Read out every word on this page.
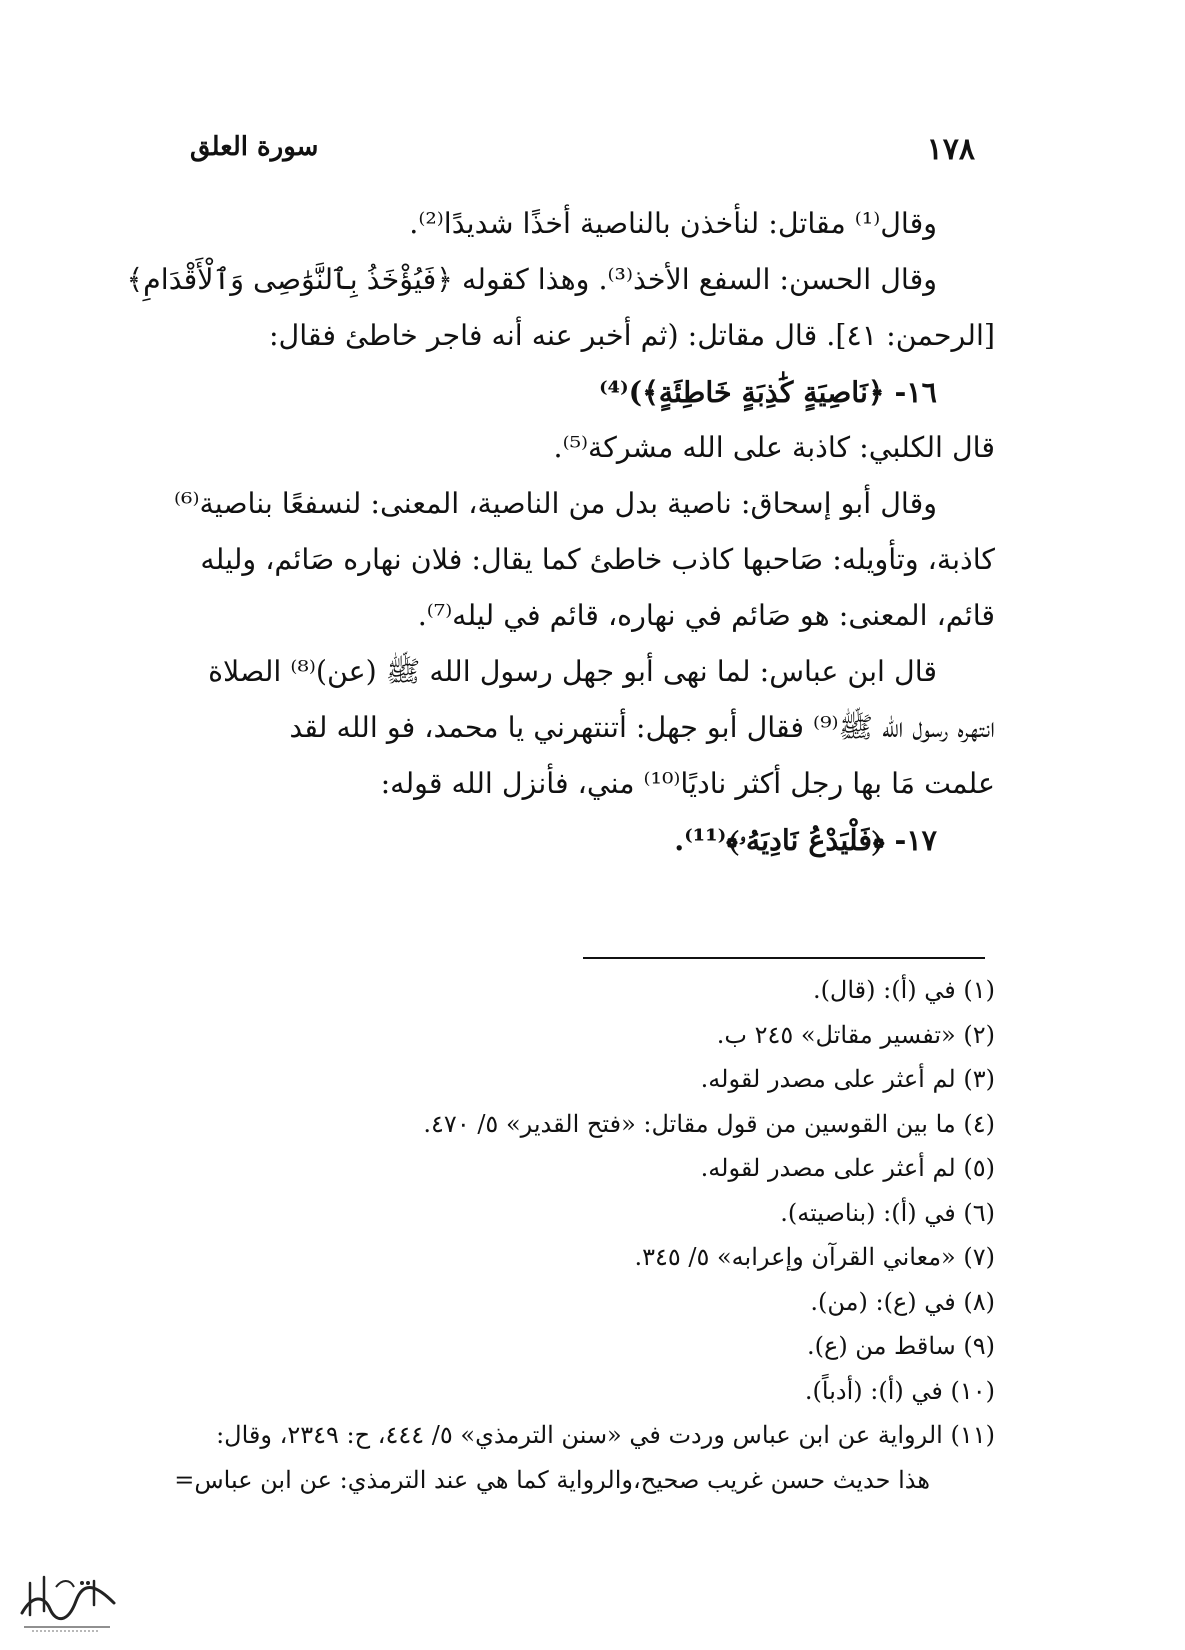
١٧٨
سورة العلق

وقال⁽¹⁾ مقاتل: لنأخذن بالناصية أخذًا شديدًا⁽²⁾.

وقال الحسن: السفع الأخذ⁽³⁾. وهذا كقوله ﴿فَيُؤْخَذُ بِٱلنَّوَٰصِى وَٱلْأَقْدَامِ﴾

[الرحمن: ٤١]. قال مقاتل: (ثم أخبر عنه أنه فاجر خاطئ فقال:

١٦- ﴿نَاصِيَةٍ كَٰذِبَةٍ خَاطِئَةٍ﴾)⁽⁴⁾

قال الكلبي: كاذبة على الله مشركة⁽⁵⁾.

وقال أبو إسحاق: ناصية بدل من الناصية، المعنى: لنسفعًا بناصية⁽⁶⁾

كاذبة، وتأويله: صَاحبها كاذب خاطئ كما يقال: فلان نهاره صَائم، وليله

قائم، المعنى: هو صَائم في نهاره، قائم في ليله⁽⁷⁾.

قال ابن عباس: لما نهى أبو جهل رسول الله ﷺ (عن)⁽⁸⁾ الصلاة

انتهره رسول الله ﷺ⁽⁹⁾ فقال أبو جهل: أتنتهرني يا محمد، فو الله لقد

علمت مَا بها رجل أكثر ناديًا⁽¹⁰⁾ مني، فأنزل الله قوله:

١٧- ﴿فَلْيَدْعُ نَادِيَهُۥ﴾⁽¹¹⁾.

(١) في (أ): (قال).

(٢) «تفسير مقاتل» ٢٤٥ ب.

(٣) لم أعثر على مصدر لقوله.

(٤) ما بين القوسين من قول مقاتل: «فتح القدير» ٥/ ٤٧٠.

(٥) لم أعثر على مصدر لقوله.

(٦) في (أ): (بناصيته).

(٧) «معاني القرآن وإعرابه» ٥/ ٣٤٥.

(٨) في (ع): (من).

(٩) ساقط من (ع).

(١٠) في (أ): (أدباً).

(١١) الرواية عن ابن عباس وردت في «سنن الترمذي» ٥/ ٤٤٤، ح: ٢٣٤٩، وقال:

هذا حديث حسن غريب صحيح،والرواية كما هي عند الترمذي: عن ابن عباس=
